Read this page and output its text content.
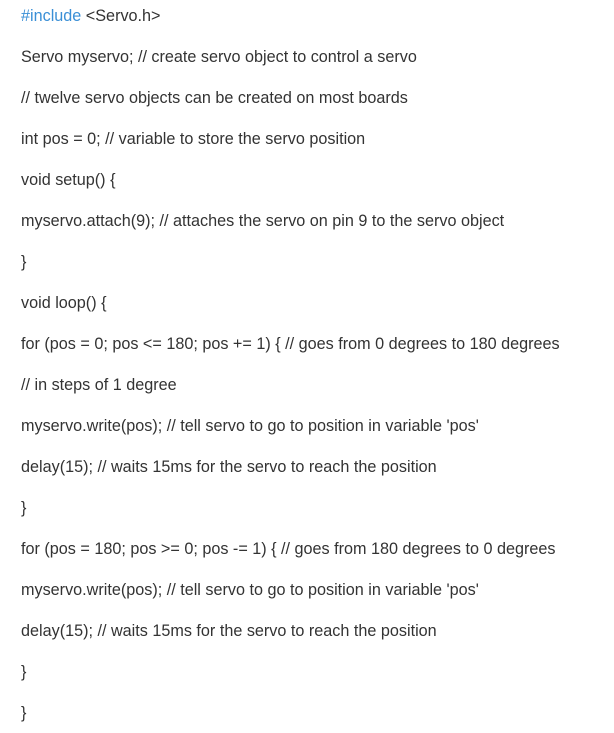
#include <Servo.h>
Servo myservo; // create servo object to control a servo
// twelve servo objects can be created on most boards
int pos = 0; // variable to store the servo position
void setup() {
myservo.attach(9); // attaches the servo on pin 9 to the servo object
}
void loop() {
for (pos = 0; pos <= 180; pos += 1) { // goes from 0 degrees to 180 degrees
// in steps of 1 degree
myservo.write(pos); // tell servo to go to position in variable 'pos'
delay(15); // waits 15ms for the servo to reach the position
}
for (pos = 180; pos >= 0; pos -= 1) { // goes from 180 degrees to 0 degrees
myservo.write(pos); // tell servo to go to position in variable 'pos'
delay(15); // waits 15ms for the servo to reach the position
}
}
